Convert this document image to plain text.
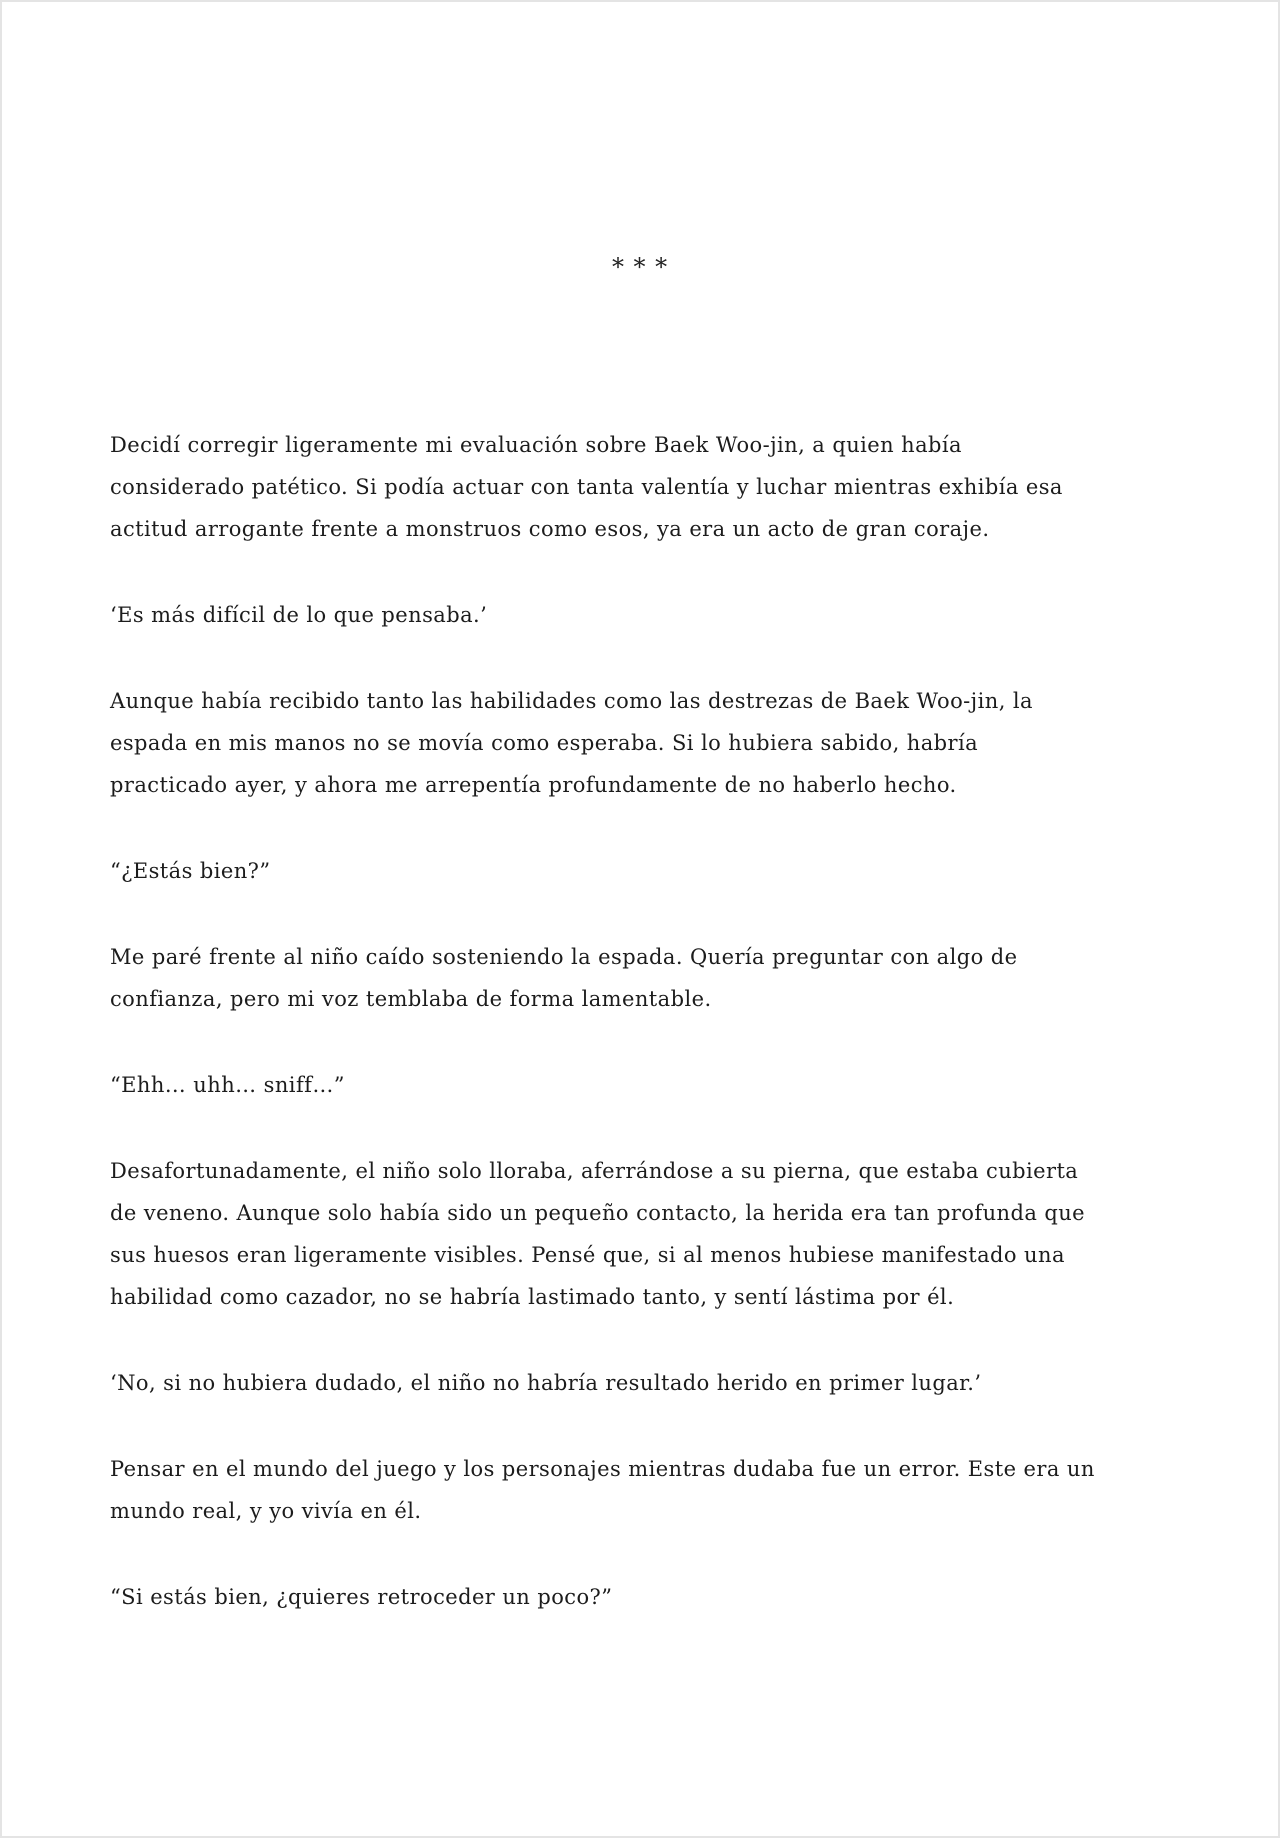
* * *
Decidí corregir ligeramente mi evaluación sobre Baek Woo-jin, a quien había
considerado patético. Si podía actuar con tanta valentía y luchar mientras exhibía esa
actitud arrogante frente a monstruos como esos, ya era un acto de gran coraje.
‘Es más difícil de lo que pensaba.’
Aunque había recibido tanto las habilidades como las destrezas de Baek Woo-jin, la
espada en mis manos no se movía como esperaba. Si lo hubiera sabido, habría
practicado ayer, y ahora me arrepentía profundamente de no haberlo hecho.
“¿Estás bien?”
Me paré frente al niño caído sosteniendo la espada. Quería preguntar con algo de
confianza, pero mi voz temblaba de forma lamentable.
“Ehh… uhh… sniff…”
Desafortunadamente, el niño solo lloraba, aferrándose a su pierna, que estaba cubierta
de veneno. Aunque solo había sido un pequeño contacto, la herida era tan profunda que
sus huesos eran ligeramente visibles. Pensé que, si al menos hubiese manifestado una
habilidad como cazador, no se habría lastimado tanto, y sentí lástima por él.
‘No, si no hubiera dudado, el niño no habría resultado herido en primer lugar.’
Pensar en el mundo del juego y los personajes mientras dudaba fue un error. Este era un
mundo real, y yo vivía en él.
“Si estás bien, ¿quieres retroceder un poco?”
